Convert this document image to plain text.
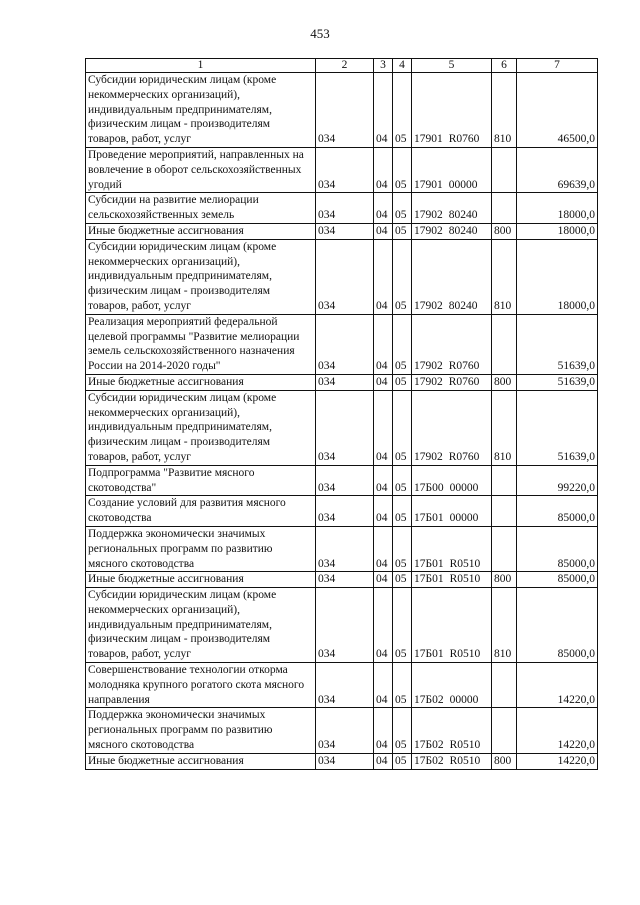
453
1	2	3	4	5	6	7
Субсидии юридическим лицам (кроме некоммерческих организаций), индивидуальным предпринимателям, физическим лицам - производителям товаров, работ, услуг	034	04	05	17901 R0760	810	46500,0
Проведение мероприятий, направленных на вовлечение в оборот сельскохозяйственных угодий	034	04	05	17901 00000		69639,0
Субсидии на развитие мелиорации сельскохозяйственных земель	034	04	05	17902 80240		18000,0
Иные бюджетные ассигнования	034	04	05	17902 80240	800	18000,0
Субсидии юридическим лицам (кроме некоммерческих организаций), индивидуальным предпринимателям, физическим лицам - производителям товаров, работ, услуг	034	04	05	17902 80240	810	18000,0
Реализация мероприятий федеральной целевой программы "Развитие мелиорации земель сельскохозяйственного назначения России на 2014-2020 годы"	034	04	05	17902 R0760		51639,0
Иные бюджетные ассигнования	034	04	05	17902 R0760	800	51639,0
Субсидии юридическим лицам (кроме некоммерческих организаций), индивидуальным предпринимателям, физическим лицам - производителям товаров, работ, услуг	034	04	05	17902 R0760	810	51639,0
Подпрограмма "Развитие мясного скотоводства"	034	04	05	17Б00 00000		99220,0
Создание условий для развития мясного скотоводства	034	04	05	17Б01 00000		85000,0
Поддержка экономически значимых региональных программ по развитию мясного скотоводства	034	04	05	17Б01 R0510		85000,0
Иные бюджетные ассигнования	034	04	05	17Б01 R0510	800	85000,0
Субсидии юридическим лицам (кроме некоммерческих организаций), индивидуальным предпринимателям, физическим лицам - производителям товаров, работ, услуг	034	04	05	17Б01 R0510	810	85000,0
Совершенствование технологии откорма молодняка крупного рогатого скота мясного направления	034	04	05	17Б02 00000		14220,0
Поддержка экономически значимых региональных программ по развитию мясного скотоводства	034	04	05	17Б02 R0510		14220,0
Иные бюджетные ассигнования	034	04	05	17Б02 R0510	800	14220,0
